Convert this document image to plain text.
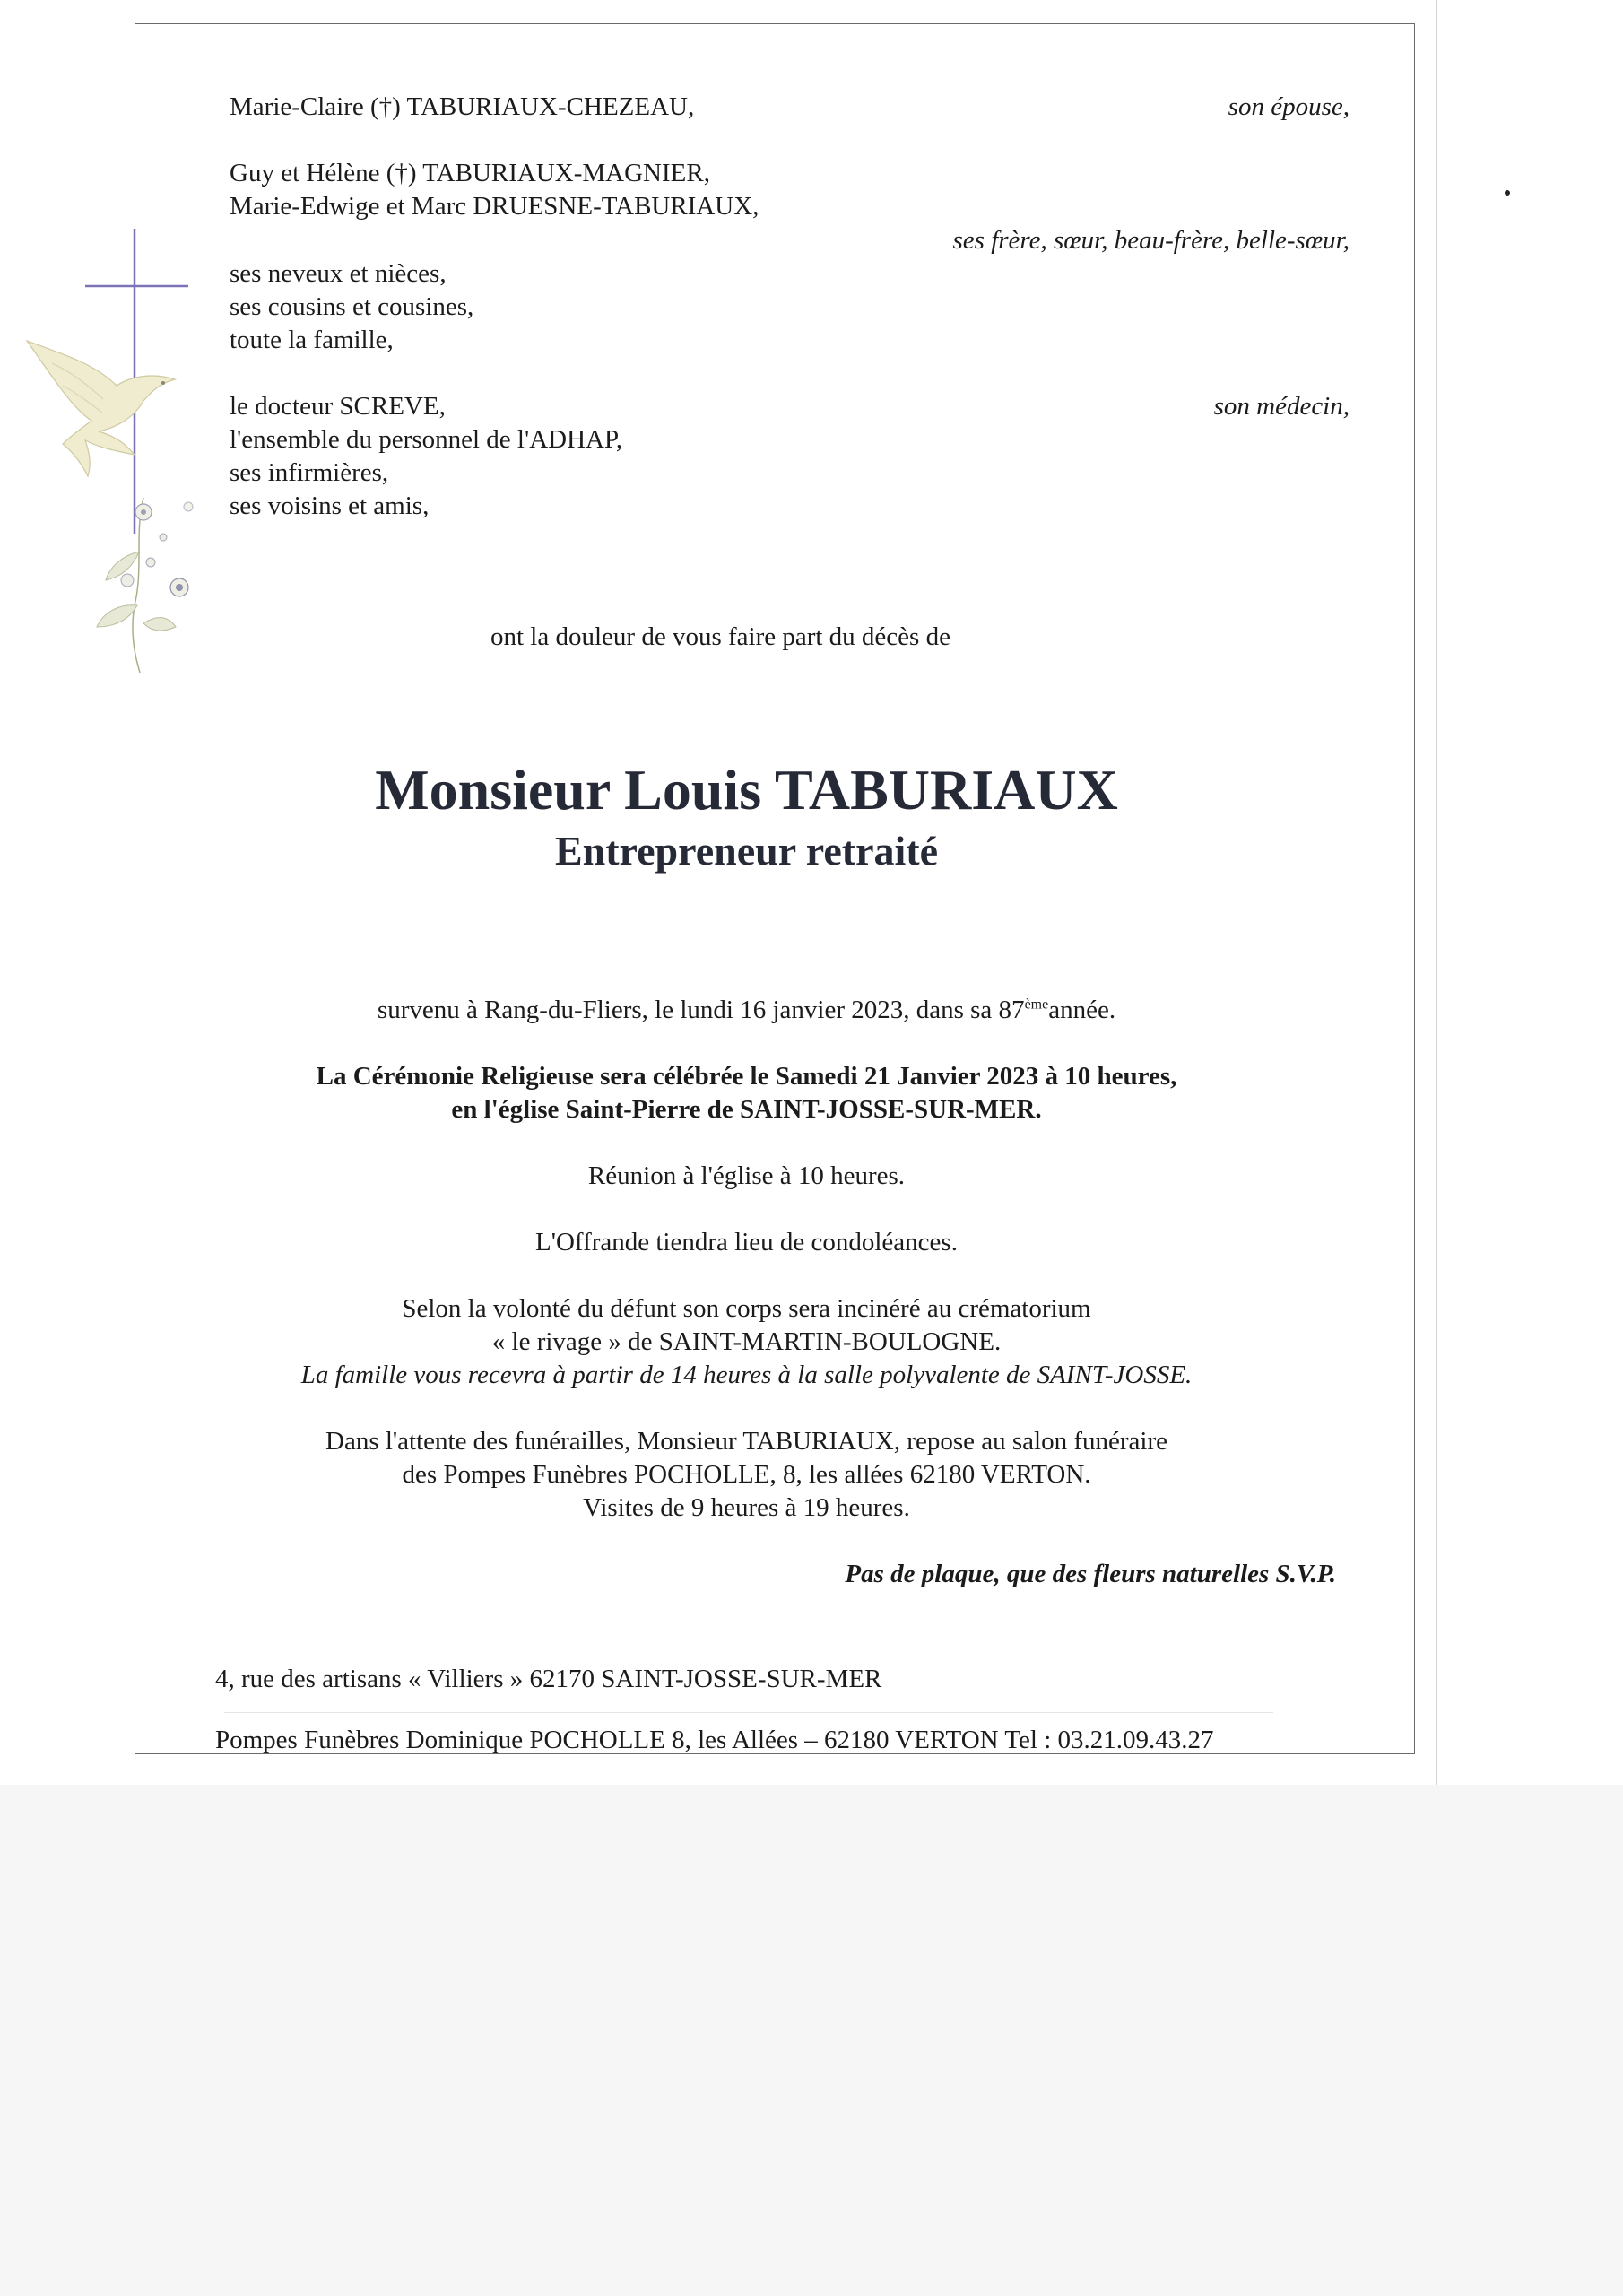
Marie-Claire (†) TABURIAUX-CHEZEAU,	son épouse,
Guy et Hélène (†) TABURIAUX-MAGNIER,
Marie-Edwige et Marc DRUESNE-TABURIAUX,
ses frère, sœur, beau-frère, belle-sœur,
ses neveux et nièces,
ses cousins et cousines,
toute la famille,
le docteur SCREVE,	son médecin,
l'ensemble du personnel de l'ADHAP,
ses infirmières,
ses voisins et amis,
ont la douleur de vous faire part du décès de
Monsieur Louis TABURIAUX
Entrepreneur retraité
survenu à Rang-du-Fliers, le lundi 16 janvier 2023, dans sa 87èmeannée.
La Cérémonie Religieuse sera célébrée le Samedi 21 Janvier 2023 à 10 heures,
en l'église Saint-Pierre de SAINT-JOSSE-SUR-MER.
Réunion à l'église à 10 heures.
L'Offrande tiendra lieu de condoléances.
Selon la volonté du défunt son corps sera incinéré au crématorium
« le rivage » de SAINT-MARTIN-BOULOGNE.
La famille vous recevra à partir de 14 heures à la salle polyvalente de SAINT-JOSSE.
Dans l'attente des funérailles, Monsieur TABURIAUX, repose au salon funéraire
des Pompes Funèbres POCHOLLE, 8, les allées 62180 VERTON.
Visites de 9 heures à 19 heures.
Pas de plaque, que des fleurs naturelles S.V.P.
4, rue des artisans « Villiers » 62170 SAINT-JOSSE-SUR-MER
Pompes Funèbres Dominique POCHOLLE 8, les Allées – 62180 VERTON Tel : 03.21.09.43.27
